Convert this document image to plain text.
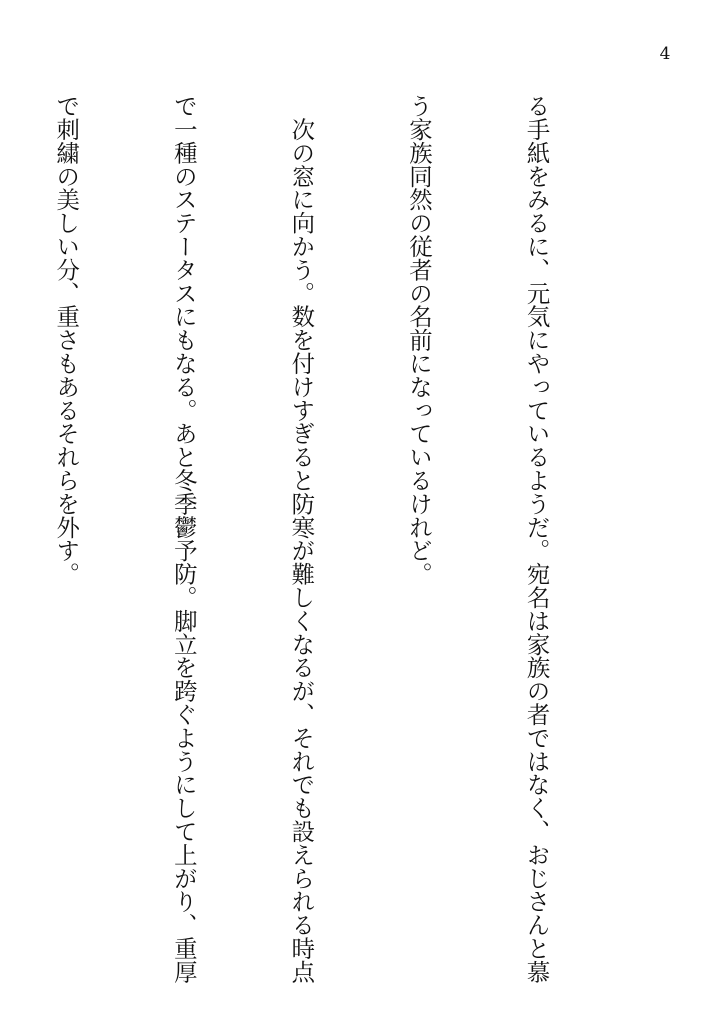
4

る手紙をみるに、元気にやっているようだ。宛名は家族の者ではなく、おじさんと慕

う家族同然の従者の名前になっているけれど。

　次の窓に向かう。数を付けすぎると防寒が難しくなるが、それでも設えられる時点

で一種のステータスにもなる。あと冬季鬱予防。脚立を跨ぐようにして上がり、重厚

で刺繍の美しい分、重さもあるそれらを外す。
